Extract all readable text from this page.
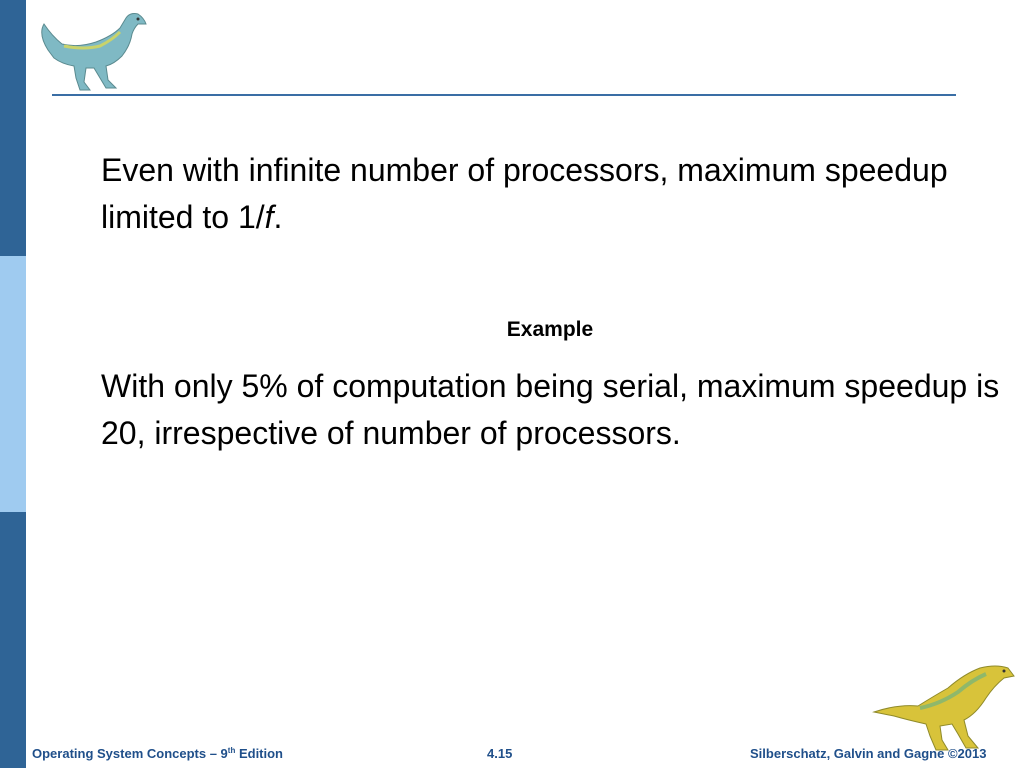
Even with infinite number of processors, maximum speedup limited to 1/f.

Example

With only 5% of computation being serial, maximum speedup is 20, irrespective of number of processors.

Operating System Concepts – 9th Edition	4.15	Silberschatz, Galvin and Gagne ©2013
